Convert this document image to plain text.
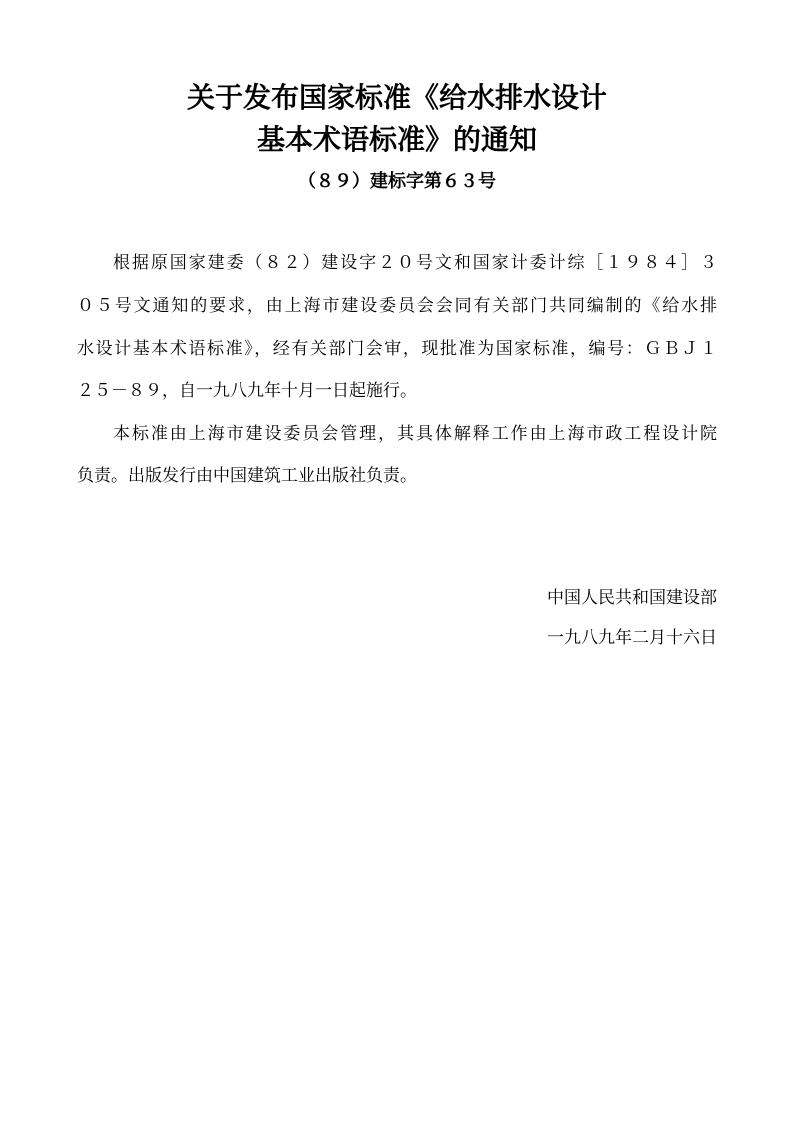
关于发布国家标准《给水排水设计
基本术语标准》的通知
（８９）建标字第６３号
根据原国家建委（８２）建设字２０号文和国家计委计综［１９８４］３
０５号文通知的要求，由上海市建设委员会会同有关部门共同编制的《给水排
水设计基本术语标准》，经有关部门会审，现批准为国家标准，编号：ＧＢＪ１
２５－８９，自一九八九年十月一日起施行。
本标准由上海市建设委员会管理，其具体解释工作由上海市政工程设计院
负责。出版发行由中国建筑工业出版社负责。
中国人民共和国建设部
一九八九年二月十六日
